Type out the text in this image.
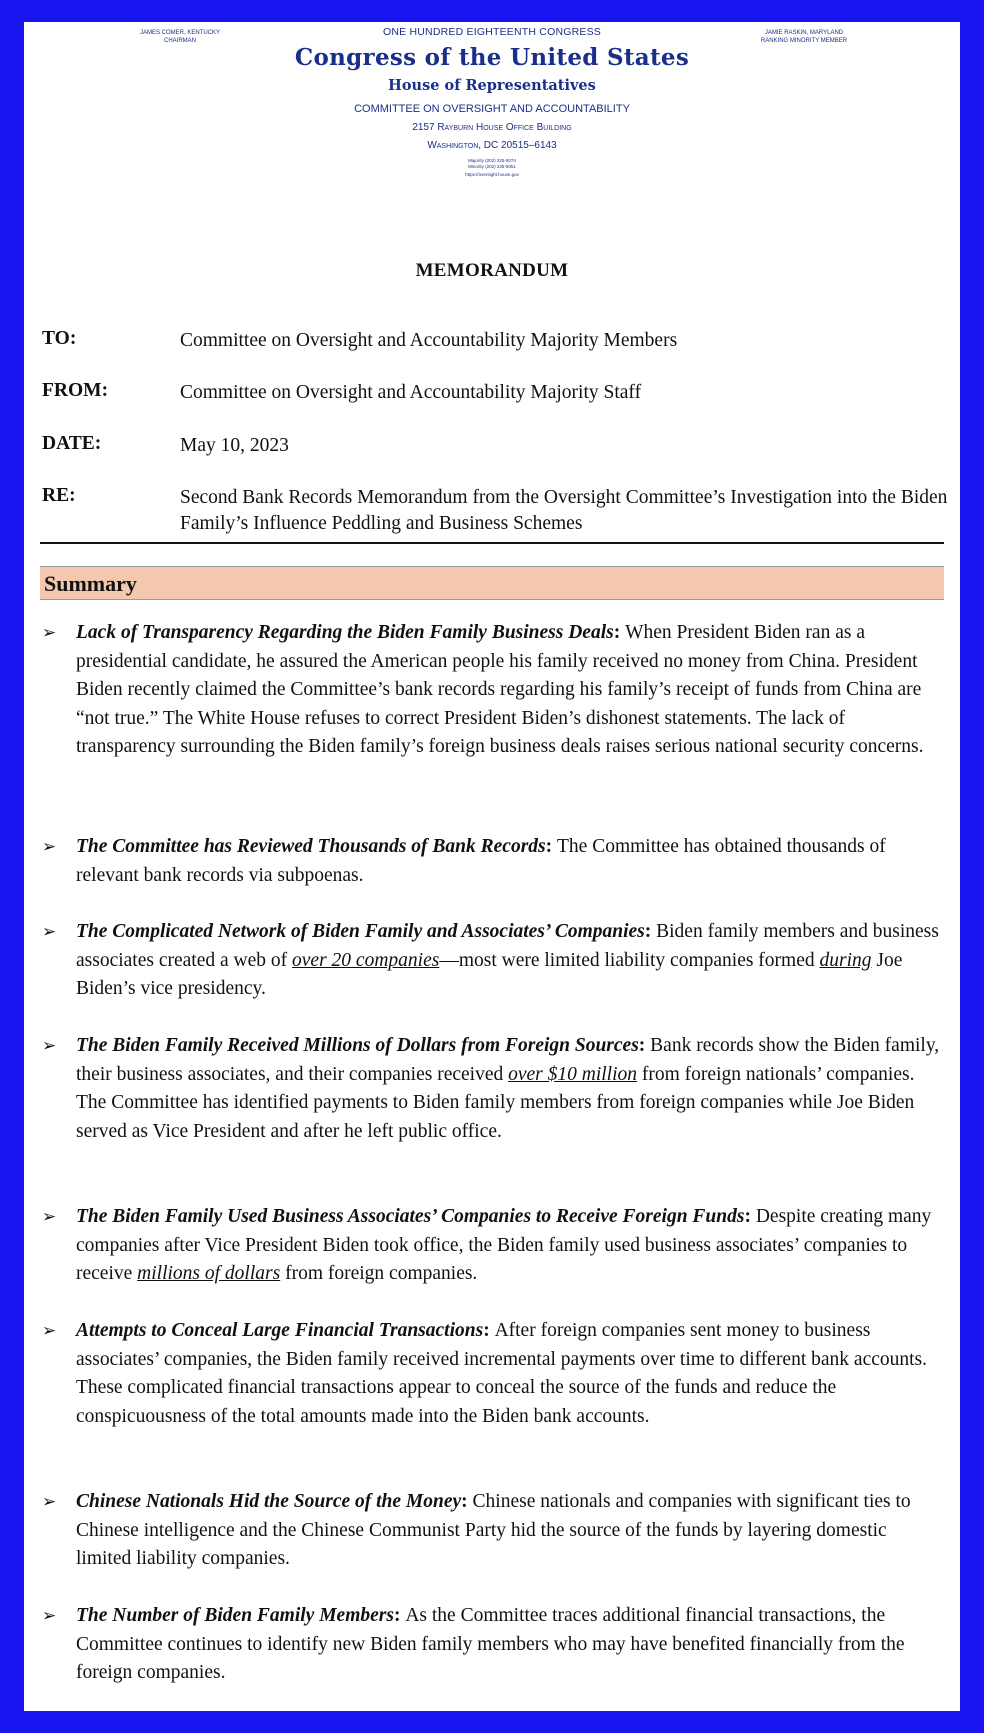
JAMES COMER, KENTUCKY
CHAIRMAN
JAMIE RASKIN, MARYLAND
RANKING MINORITY MEMBER
ONE HUNDRED EIGHTEENTH CONGRESS
Congress of the United States
House of Representatives
COMMITTEE ON OVERSIGHT AND ACCOUNTABILITY
2157 Rayburn House Office Building
Washington, DC 20515–6143
Majority (202) 225-5074
Minority (202) 225-5051
https://oversight.house.gov
MEMORANDUM
TO:	Committee on Oversight and Accountability Majority Members
FROM:	Committee on Oversight and Accountability Majority Staff
DATE:	May 10, 2023
RE:	Second Bank Records Memorandum from the Oversight Committee’s Investigation into the Biden Family’s Influence Peddling and Business Schemes
Summary
➢ Lack of Transparency Regarding the Biden Family Business Deals: When President Biden ran as a presidential candidate, he assured the American people his family received no money from China. President Biden recently claimed the Committee’s bank records regarding his family’s receipt of funds from China are “not true.” The White House refuses to correct President Biden’s dishonest statements. The lack of transparency surrounding the Biden family’s foreign business deals raises serious national security concerns.
➢ The Committee has Reviewed Thousands of Bank Records: The Committee has obtained thousands of relevant bank records via subpoenas.
➢ The Complicated Network of Biden Family and Associates’ Companies: Biden family members and business associates created a web of over 20 companies—most were limited liability companies formed during Joe Biden’s vice presidency.
➢ The Biden Family Received Millions of Dollars from Foreign Sources: Bank records show the Biden family, their business associates, and their companies received over $10 million from foreign nationals’ companies. The Committee has identified payments to Biden family members from foreign companies while Joe Biden served as Vice President and after he left public office.
➢ The Biden Family Used Business Associates’ Companies to Receive Foreign Funds: Despite creating many companies after Vice President Biden took office, the Biden family used business associates’ companies to receive millions of dollars from foreign companies.
➢ Attempts to Conceal Large Financial Transactions: After foreign companies sent money to business associates’ companies, the Biden family received incremental payments over time to different bank accounts. These complicated financial transactions appear to conceal the source of the funds and reduce the conspicuousness of the total amounts made into the Biden bank accounts.
➢ Chinese Nationals Hid the Source of the Money: Chinese nationals and companies with significant ties to Chinese intelligence and the Chinese Communist Party hid the source of the funds by layering domestic limited liability companies.
➢ The Number of Biden Family Members: As the Committee traces additional financial transactions, the Committee continues to identify new Biden family members who may have benefited financially from the foreign companies.
